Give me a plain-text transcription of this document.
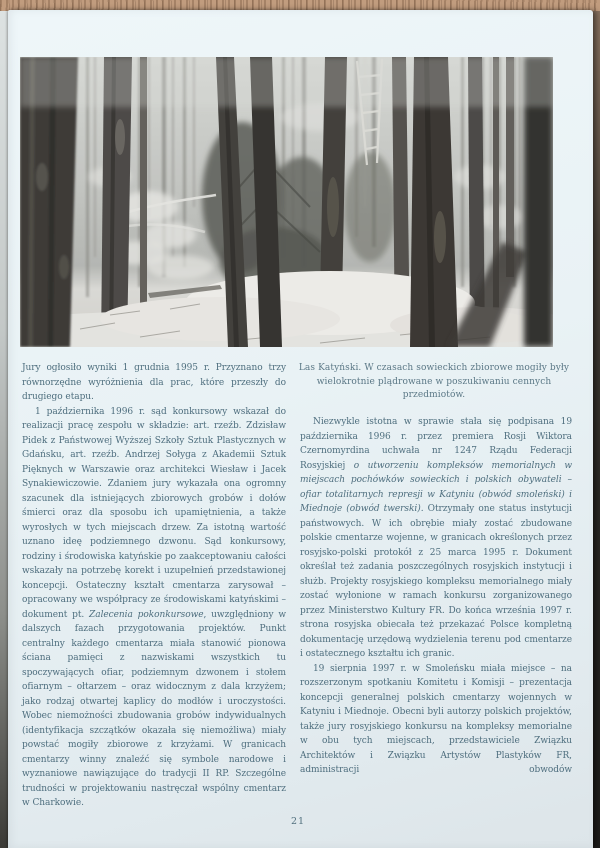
Las Katyński. W czasach sowieckich zbiorowe mogiły były wielokrotnie plądrowane w poszukiwaniu cennych przedmiotów.

Jury ogłosiło wyniki 1 grudnia 1995 r. Przyznano trzy równorzędne wyróżnienia dla prac, które przeszły do drugiego etapu.

1 października 1996 r. sąd konkursowy wskazał do realizacji pracę zespołu w składzie: art. rzeźb. Zdzisław Pidek z Państwowej Wyższej Szkoły Sztuk Plastycznych w Gdańsku, art. rzeźb. Andrzej Sołyga z Akademii Sztuk Pięknych w Warszawie oraz architekci Wiesław i Jacek Synakiewiczowie. Zdaniem jury wykazała ona ogromny szacunek dla istniejących zbiorowych grobów i dołów śmierci oraz dla sposobu ich upamiętnienia, a także wyrosłych w tych miejscach drzew. Za istotną wartość uznano ideę podziemnego dzwonu. Sąd konkursowy, rodziny i środowiska katyńskie po zaakceptowaniu całości wskazały na potrzebę korekt i uzupełnień przedstawionej koncepcji. Ostateczny kształt cmentarza zarysował – opracowany we współpracy ze środowiskami katyńskimi – dokument pt. Zalecenia pokonkursowe, uwzględniony w dalszych fazach przygotowania projektów. Punkt centralny każdego cmentarza miała stanowić pionowa ściana pamięci z nazwiskami wszystkich tu spoczywających ofiar, podziemnym dzwonem i stołem ofiarnym – ołtarzem – oraz widocznym z dala krzyżem; jako rodzaj otwartej kaplicy do modłów i uroczystości. Wobec niemożności zbudowania grobów indywidualnych (identyfikacja szczątków okazała się niemożliwa) miały powstać mogiły zbiorowe z krzyżami. W granicach cmentarzy winny znaleźć się symbole narodowe i wyznaniowe nawiązujące do tradycji II RP. Szczególne trudności w projektowaniu nastręczał wspólny cmentarz w Charkowie.

Niezwykle istotna w sprawie stała się podpisana 19 października 1996 r. przez premiera Rosji Wiktora Czernomyrdina uchwała nr 1247 Rządu Federacji Rosyjskiej o utworzeniu kompleksów memorialnych w miejscach pochówków sowieckich i polskich obywateli – ofiar totalitarnych represji w Katyniu (obwód smoleński) i Miednoje (obwód twerski). Otrzymały one status instytucji państwowych. W ich obrębie miały zostać zbudowane polskie cmentarze wojenne, w granicach określonych przez rosyjsko-polski protokół z 25 marca 1995 r. Dokument określał też zadania poszczególnych rosyjskich instytucji i służb. Projekty rosyjskiego kompleksu memorialnego miały zostać wyłonione w ramach konkursu zorganizowanego przez Ministerstwo Kultury FR. Do końca września 1997 r. strona rosyjska obiecała też przekazać Polsce kompletną dokumentację urzędową wydzielenia terenu pod cmentarze i ostatecznego kształtu ich granic.

19 sierpnia 1997 r. w Smoleńsku miała miejsce – na rozszerzonym spotkaniu Komitetu i Komisji – prezentacja koncepcji generalnej polskich cmentarzy wojennych w Katyniu i Miednoje. Obecni byli autorzy polskich projektów, także jury rosyjskiego konkursu na kompleksy memorialne w obu tych miejscach, przedstawiciele Związku Architektów i Związku Artystów Plastyków FR, administracji obwodów

21
